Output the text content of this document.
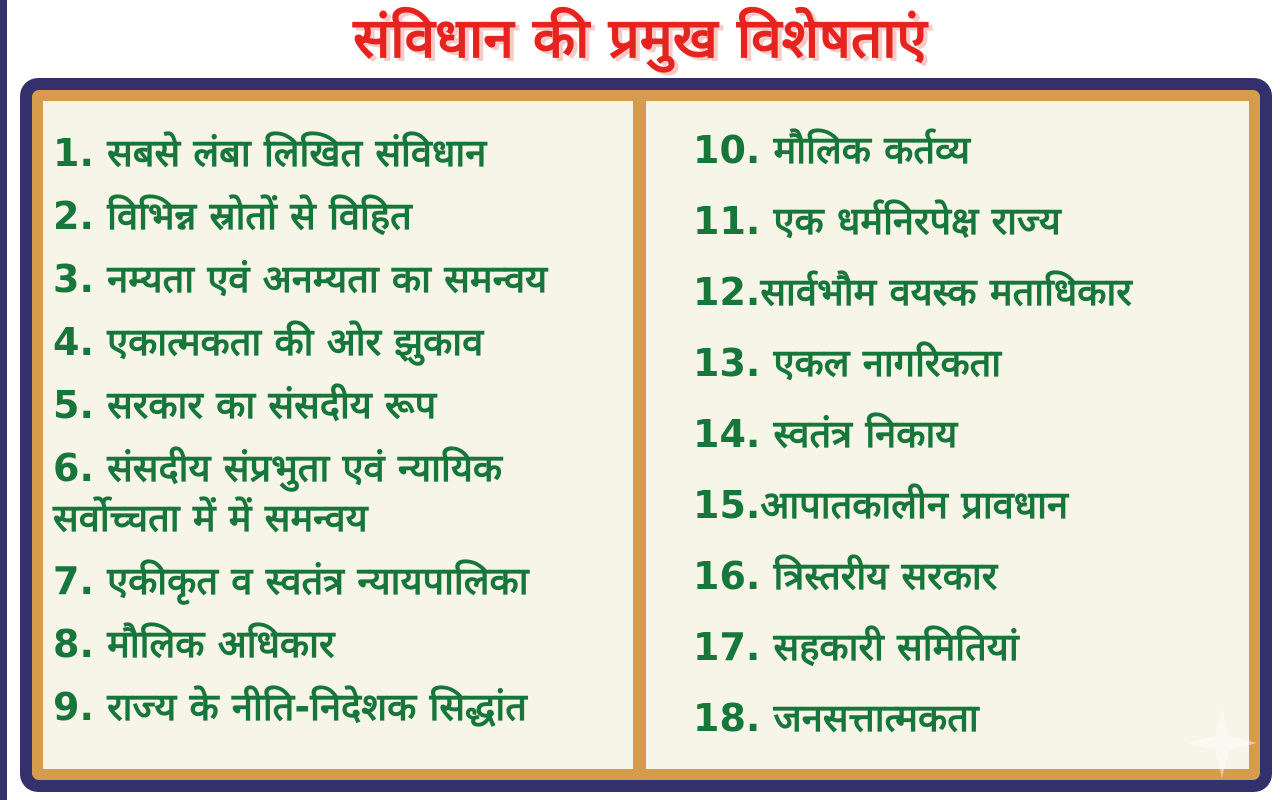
संविधान की प्रमुख विशेषताएं
1. सबसे लंबा लिखित संविधान
2. विभिन्न स्रोतों से विहित
3. नम्यता एवं अनम्यता का समन्वय
4. एकात्मकता की ओर झुकाव
5. सरकार का संसदीय रूप
6. संसदीय संप्रभुता एवं न्यायिक सर्वोच्चता में में समन्वय
7. एकीकृत व स्वतंत्र न्यायपालिका
8. मौलिक अधिकार
9. राज्य के नीति-निदेशक सिद्धांत
10. मौलिक कर्तव्य
11. एक धर्मनिरपेक्ष राज्य
12.सार्वभौम वयस्क मताधिकार
13. एकल नागरिकता
14. स्वतंत्र निकाय
15.आपातकालीन प्रावधान
16. त्रिस्तरीय सरकार
17. सहकारी समितियां
18. जनसत्तात्मकता
